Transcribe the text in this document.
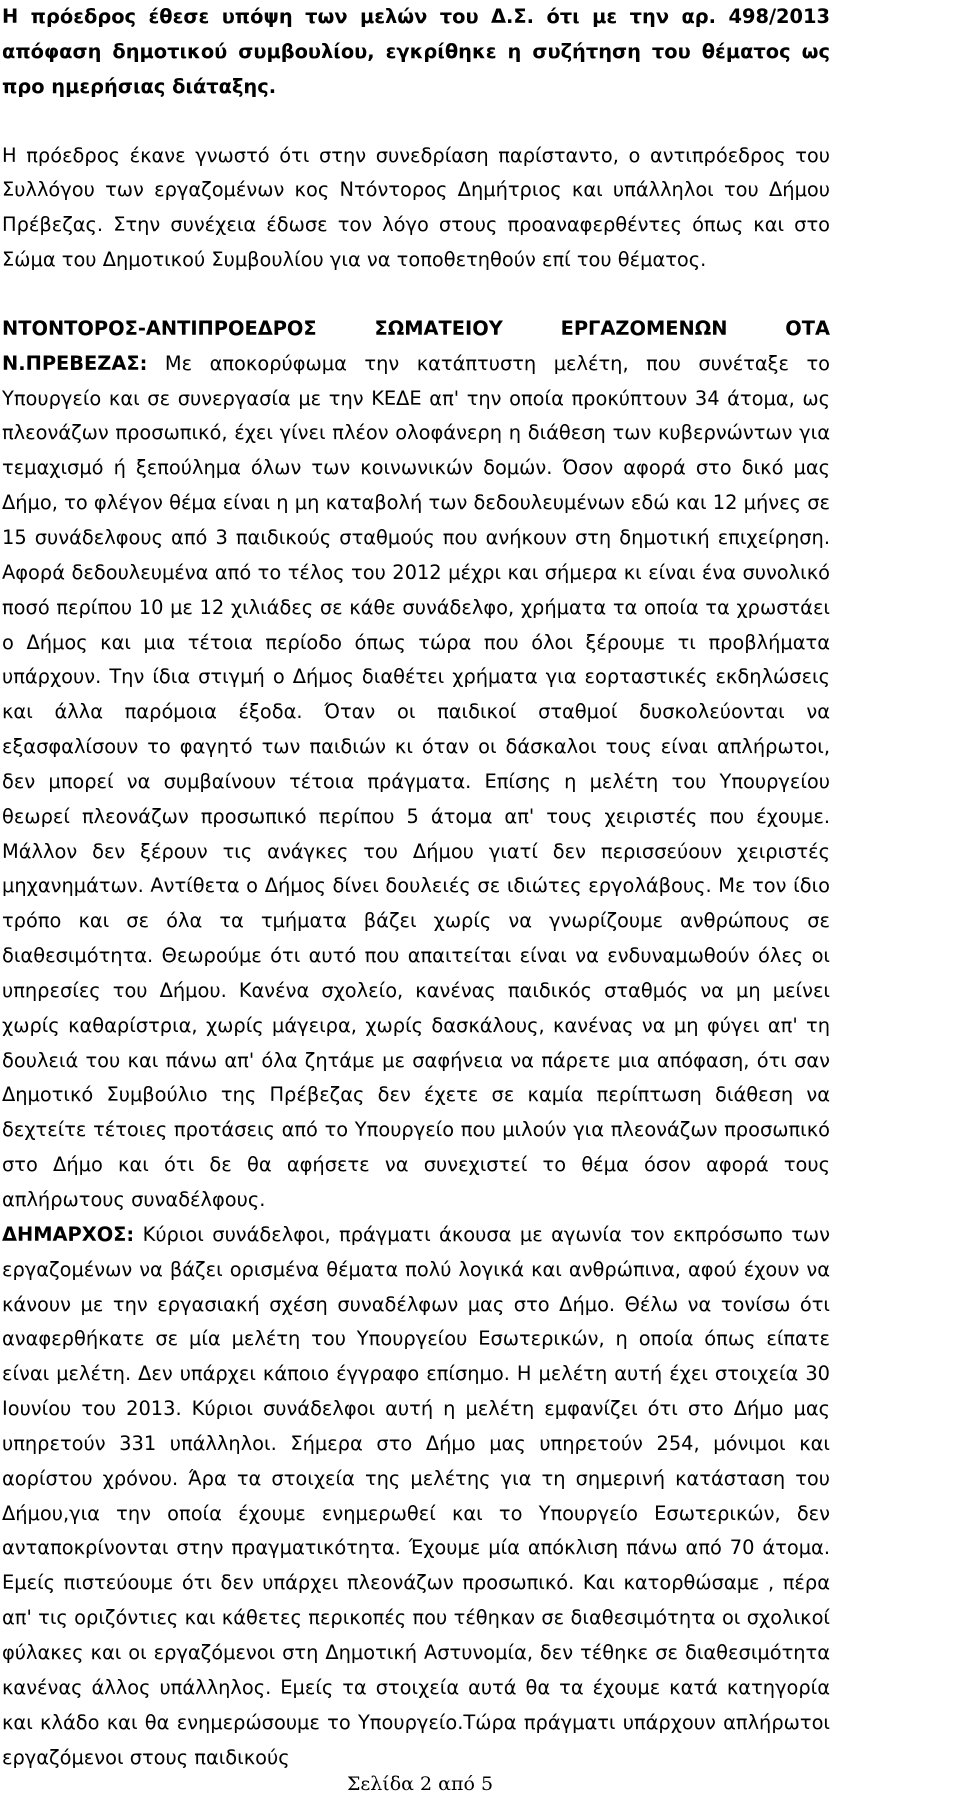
Η πρόεδρος έθεσε υπόψη των μελών του Δ.Σ. ότι με την αρ. 498/2013 απόφαση δημοτικού συμβουλίου, εγκρίθηκε η συζήτηση του θέματος ως προ ημερήσιας διάταξης.

Η πρόεδρος έκανε γνωστό ότι στην συνεδρίαση παρίσταντο, ο αντιπρόεδρος του Συλλόγου των εργαζομένων κος Ντόντορος Δημήτριος και υπάλληλοι του Δήμου Πρέβεζας. Στην συνέχεια έδωσε τον λόγο στους προαναφερθέντες όπως και στο Σώμα του Δημοτικού Συμβουλίου για να τοποθετηθούν επί του θέματος.

ΝΤΟΝΤΟΡΟΣ-ΑΝΤΙΠΡΟΕΔΡΟΣ	ΣΩΜΑΤΕΙΟΥ	ΕΡΓΑΖΟΜΕΝΩΝ	ΟΤΑ

Ν.ΠΡΕΒΕΖΑΣ: Με αποκορύφωμα την κατάπτυστη μελέτη, που συνέταξε το Υπουργείο και σε συνεργασία με την ΚΕΔΕ απ' την οποία προκύπτουν 34 άτομα, ως πλεονάζων προσωπικό, έχει γίνει πλέον ολοφάνερη η διάθεση των κυβερνώντων για τεμαχισμό ή ξεπούλημα όλων των κοινωνικών δομών. Όσον αφορά στο δικό μας Δήμο, το φλέγον θέμα είναι η μη καταβολή των δεδουλευμένων εδώ και 12 μήνες σε 15 συνάδελφους από 3 παιδικούς σταθμούς που ανήκουν στη δημοτική επιχείρηση. Αφορά δεδουλευμένα από το τέλος του 2012 μέχρι και σήμερα κι είναι ένα συνολικό ποσό περίπου 10 με 12 χιλιάδες σε κάθε συνάδελφο, χρήματα τα οποία τα χρωστάει ο Δήμος και μια τέτοια περίοδο όπως τώρα που όλοι ξέρουμε τι προβλήματα υπάρχουν. Την ίδια στιγμή ο Δήμος διαθέτει χρήματα για εορταστικές εκδηλώσεις και άλλα παρόμοια έξοδα. Όταν οι παιδικοί σταθμοί δυσκολεύονται να εξασφαλίσουν το φαγητό των παιδιών κι όταν οι δάσκαλοι τους είναι απλήρωτοι, δεν μπορεί να συμβαίνουν τέτοια πράγματα. Επίσης η μελέτη του Υπουργείου θεωρεί πλεονάζων προσωπικό περίπου 5 άτομα απ' τους χειριστές που έχουμε. Μάλλον δεν ξέρουν τις ανάγκες του Δήμου γιατί δεν περισσεύουν χειριστές μηχανημάτων. Αντίθετα ο Δήμος δίνει δουλειές σε ιδιώτες εργολάβους. Με τον ίδιο τρόπο και σε όλα τα τμήματα βάζει χωρίς να γνωρίζουμε ανθρώπους σε διαθεσιμότητα. Θεωρούμε ότι αυτό που απαιτείται είναι να ενδυναμωθούν όλες οι υπηρεσίες του Δήμου. Κανένα σχολείο, κανένας παιδικός σταθμός να μη μείνει χωρίς καθαρίστρια, χωρίς μάγειρα, χωρίς δασκάλους, κανένας να μη φύγει απ' τη δουλειά του και πάνω απ' όλα ζητάμε με σαφήνεια να πάρετε μια απόφαση, ότι σαν Δημοτικό Συμβούλιο της Πρέβεζας δεν έχετε σε καμία περίπτωση διάθεση να δεχτείτε τέτοιες προτάσεις από το Υπουργείο που μιλούν για πλεονάζων προσωπικό στο Δήμο και ότι δε θα αφήσετε να συνεχιστεί το θέμα όσον αφορά τους απλήρωτους συναδέλφους.

ΔΗΜΑΡΧΟΣ: Κύριοι συνάδελφοι, πράγματι άκουσα με αγωνία τον εκπρόσωπο των εργαζομένων να βάζει ορισμένα θέματα πολύ λογικά και ανθρώπινα, αφού έχουν να κάνουν με την εργασιακή σχέση συναδέλφων μας στο Δήμο. Θέλω να τονίσω ότι αναφερθήκατε σε μία μελέτη του Υπουργείου Εσωτερικών, η οποία όπως είπατε είναι μελέτη. Δεν υπάρχει κάποιο έγγραφο επίσημο. Η μελέτη αυτή έχει στοιχεία 30 Ιουνίου του 2013. Κύριοι συνάδελφοι αυτή η μελέτη εμφανίζει ότι στο Δήμο μας υπηρετούν 331 υπάλληλοι. Σήμερα στο Δήμο μας υπηρετούν 254, μόνιμοι και αορίστου χρόνου. Άρα τα στοιχεία της μελέτης για τη σημερινή κατάσταση του Δήμου,για την οποία έχουμε ενημερωθεί και το Υπουργείο Εσωτερικών, δεν ανταποκρίνονται στην πραγματικότητα. Έχουμε μία απόκλιση πάνω από 70 άτομα. Εμείς πιστεύουμε ότι δεν υπάρχει πλεονάζων προσωπικό. Και κατορθώσαμε , πέρα απ' τις οριζόντιες και κάθετες περικοπές που τέθηκαν σε διαθεσιμότητα οι σχολικοί φύλακες και οι εργαζόμενοι στη Δημοτική Αστυνομία, δεν τέθηκε σε διαθεσιμότητα κανένας άλλος υπάλληλος. Εμείς τα στοιχεία αυτά θα τα έχουμε κατά κατηγορία και κλάδο και θα ενημερώσουμε το Υπουργείο.Τώρα πράγματι υπάρχουν απλήρωτοι εργαζόμενοι στους παιδικούς

Σελίδα 2 από 5
